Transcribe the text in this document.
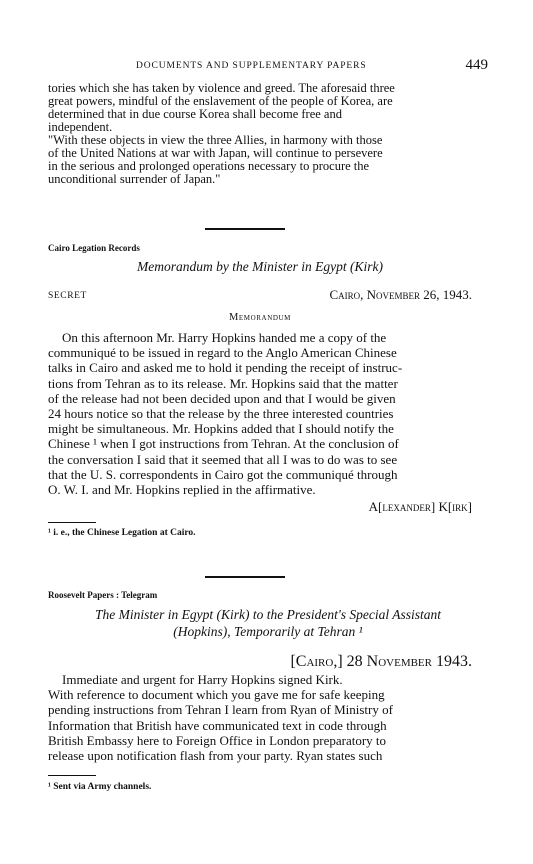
DOCUMENTS AND SUPPLEMENTARY PAPERS	449
tories which she has taken by violence and greed. The aforesaid three
great powers, mindful of the enslavement of the people of Korea, are
determined that in due course Korea shall become free and
independent.
"With these objects in view the three Allies, in harmony with those
of the United Nations at war with Japan, will continue to persevere
in the serious and prolonged operations necessary to procure the
unconditional surrender of Japan."
Cairo Legation Records
Memorandum by the Minister in Egypt (Kirk)
SECRET	Cairo, November 26, 1943.
Memorandum
On this afternoon Mr. Harry Hopkins handed me a copy of the
communiqué to be issued in regard to the Anglo American Chinese
talks in Cairo and asked me to hold it pending the receipt of instruc-
tions from Tehran as to its release. Mr. Hopkins said that the matter
of the release had not been decided upon and that I would be given
24 hours notice so that the release by the three interested countries
might be simultaneous. Mr. Hopkins added that I should notify the
Chinese ¹ when I got instructions from Tehran. At the conclusion of
the conversation I said that it seemed that all I was to do was to see
that the U. S. correspondents in Cairo got the communiqué through
O. W. I. and Mr. Hopkins replied in the affirmative.
A[lexander] K[irk]
¹ i. e., the Chinese Legation at Cairo.
Roosevelt Papers : Telegram
The Minister in Egypt (Kirk) to the President's Special Assistant
(Hopkins), Temporarily at Tehran ¹
[Cairo,] 28 November 1943.
Immediate and urgent for Harry Hopkins signed Kirk.
With reference to document which you gave me for safe keeping
pending instructions from Tehran I learn from Ryan of Ministry of
Information that British have communicated text in code through
British Embassy here to Foreign Office in London preparatory to
release upon notification flash from your party. Ryan states such
¹ Sent via Army channels.
